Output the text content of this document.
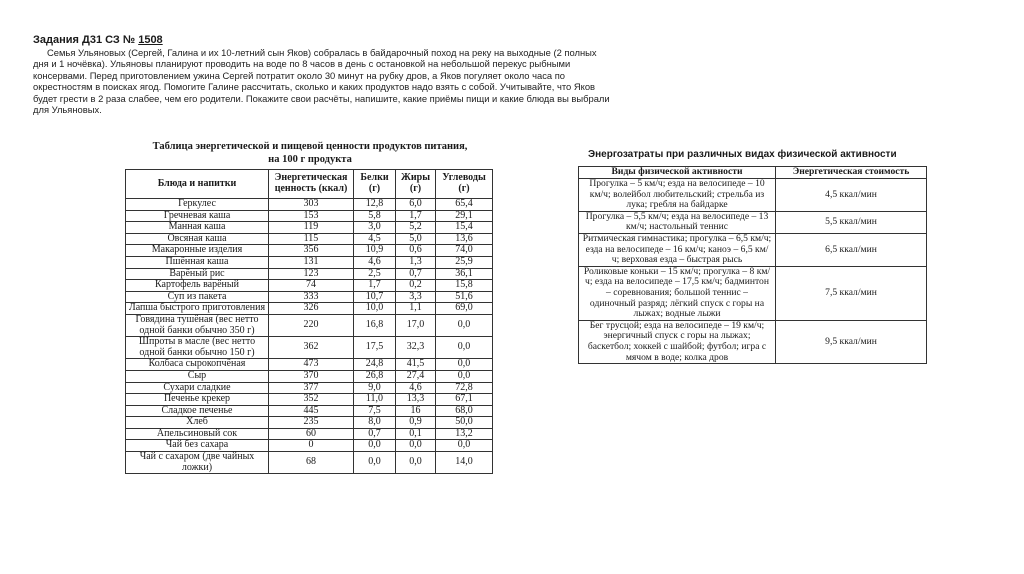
Задания Д31 СЗ № 1508
Семья Ульяновых (Сергей, Галина и их 10-летний сын Яков) собралась в байдарочный поход на реку на выходные (2 полных дня и 1 ночёвка). Ульяновы планируют проводить на воде по 8 часов в день с остановкой на небольшой перекус рыбными консервами. Перед приготовлением ужина Сергей потратит около 30 минут на рубку дров, а Яков погуляет около часа по окрестностям в поисках ягод. Помогите Галине рассчитать, сколько и каких продуктов надо взять с собой. Учитывайте, что Яков будет грести в 2 раза слабее, чем его родители. Покажите свои расчёты, напишите, какие приёмы пищи и какие блюда вы выбрали для Ульяновых.
Таблица энергетической и пищевой ценности продуктов питания,
на 100 г продукта
Блюда и напитки	Энергетическая ценность (ккал)	Белки (г)	Жиры (г)	Углеводы (г)
Геркулес	303	12,8	6,0	65,4
Гречневая каша	153	5,8	1,7	29,1
Манная каша	119	3,0	5,2	15,4
Овсяная каша	115	4,5	5,0	13,6
Макаронные изделия	356	10,9	0,6	74,0
Пшённая каша	131	4,6	1,3	25,9
Варёный рис	123	2,5	0,7	36,1
Картофель варёный	74	1,7	0,2	15,8
Суп из пакета	333	10,7	3,3	51,6
Лапша быстрого приготовления	326	10,0	1,1	69,0
Говядина тушёная (вес нетто одной банки обычно 350 г)	220	16,8	17,0	0,0
Шпроты в масле (вес нетто одной банки обычно 150 г)	362	17,5	32,3	0,0
Колбаса сырокопчёная	473	24,8	41,5	0,0
Сыр	370	26,8	27,4	0,0
Сухари сладкие	377	9,0	4,6	72,8
Печенье крекер	352	11,0	13,3	67,1
Сладкое печенье	445	7,5	16	68,0
Хлеб	235	8,0	0,9	50,0
Апельсиновый сок	60	0,7	0,1	13,2
Чай без сахара	0	0,0	0,0	0,0
Чай с сахаром (две чайных ложки)	68	0,0	0,0	14,0
Энергозатраты при различных видах физической активности
Виды физической активности	Энергетическая стоимость
Прогулка – 5 км/ч; езда на велосипеде – 10 км/ч; волейбол любительский; стрельба из лука; гребля на байдарке	4,5 ккал/мин
Прогулка – 5,5 км/ч; езда на велосипеде – 13 км/ч; настольный теннис	5,5 ккал/мин
Ритмическая гимнастика; прогулка – 6,5 км/ч; езда на велосипеде – 16 км/ч; каноэ – 6,5 км/ч; верховая езда – быстрая рысь	6,5 ккал/мин
Роликовые коньки – 15 км/ч; прогулка – 8 км/ч; езда на велосипеде – 17,5 км/ч; бадминтон – соревнования; большой теннис – одиночный разряд; лёгкий спуск с горы на лыжах; водные лыжи	7,5 ккал/мин
Бег трусцой; езда на велосипеде – 19 км/ч; энергичный спуск с горы на лыжах; баскетбол; хоккей с шайбой; футбол; игра с мячом в воде; колка дров	9,5 ккал/мин
